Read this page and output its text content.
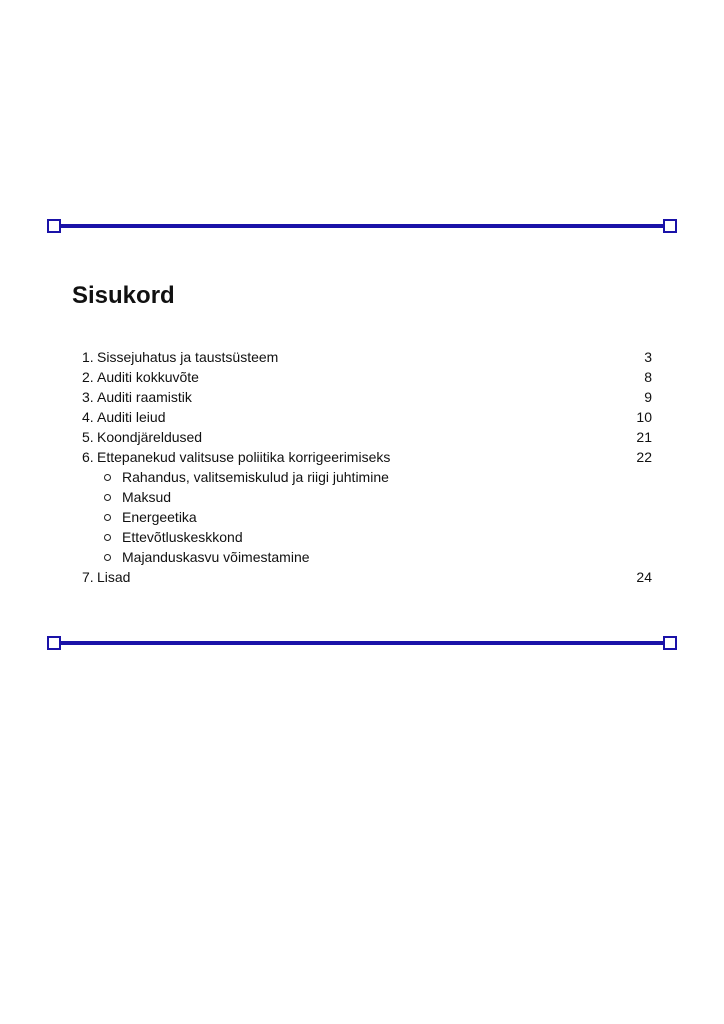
Sisukord
1. Sissejuhatus ja taustsüsteem	3
2. Auditi kokkuvõte	8
3. Auditi raamistik	9
4. Auditi leiud	10
5. Koondjäreldused	21
6. Ettepanekud valitsuse poliitika korrigeerimiseks	22
Rahandus, valitsemiskulud ja riigi juhtimine
Maksud
Energeetika
Ettevõtluskeskkond
Majanduskasvu võimestamine
7. Lisad	24
